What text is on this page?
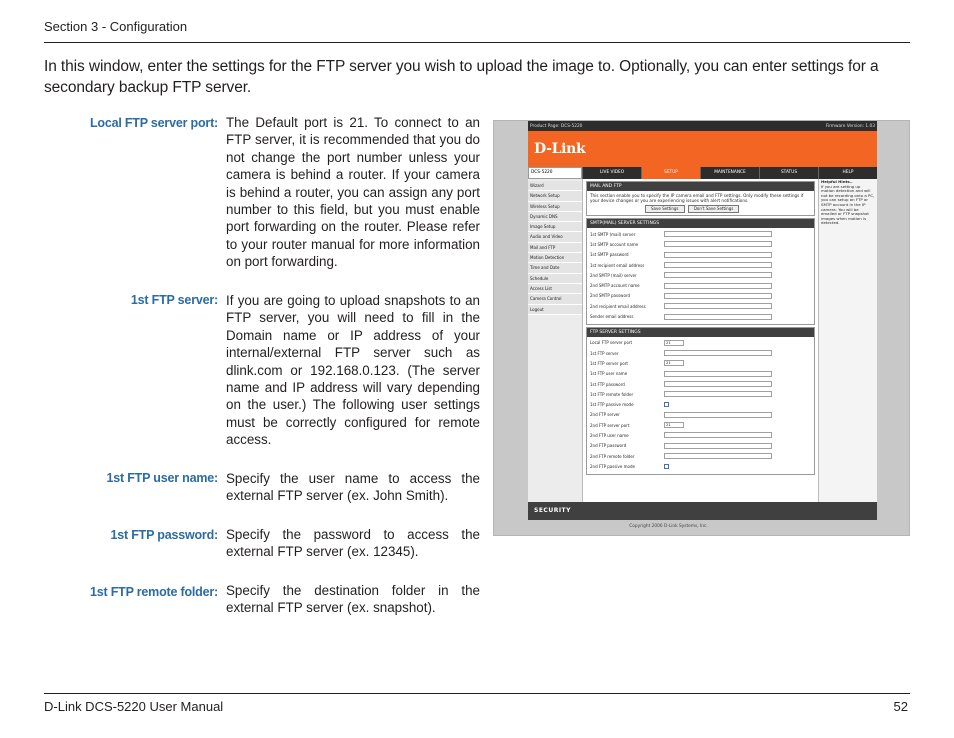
Section 3 - Configuration

In this window, enter the settings for the FTP server you wish to upload the image to. Optionally, you can enter settings for a secondary backup FTP server.

Local FTP server port: The Default port is 21. To connect to an FTP server, it is recommended that you do not change the port number unless your camera is behind a router. If your camera is behind a router, you can assign any port number to this field, but you must enable port forwarding on the router. Please refer to your router manual for more information on port forwarding.

1st FTP server: If you are going to upload snapshots to an FTP server, you will need to fill in the Domain name or IP address of your internal/external FTP server such as dlink.com or 192.168.0.123. (The server name and IP address will vary depending on the user.) The following user settings must be correctly configured for remote access.

1st FTP user name: Specify the user name to access the external FTP server (ex. John Smith).

1st FTP password: Specify the password to access the external FTP server (ex. 12345).

1st FTP remote folder: Specify the destination folder in the external FTP server (ex. snapshot).

Product Page: DCS-5220	Firmware Version: 1.03
D-Link
DCS-5220	LIVE VIDEO	SETUP	MAINTENANCE	STATUS	HELP
Wizard
Network Setup
Wireless Setup
Dynamic DNS
Image Setup
Audio and Video
Mail and FTP
Motion Detection
Time and Date
Schedule
Access List
Camera Control
Logout
MAIL AND FTP
This section enable you to specify the IP camera email and FTP settings. Only modify these settings if your device changes or you are experiencing issues with alert notifications.
Save Settings	Don't Save Settings
SMTP(MAIL) SERVER SETTINGS
1st SMTP (mail) server
1st SMTP account name
1st SMTP password
1st recipient email address
2nd SMTP (mail) server
2nd SMTP account name
2nd SMTP password
2nd recipient email address
Sender email address
FTP SERVER SETTINGS
Local FTP server port	21
1st FTP server
1st FTP server port	21
1st FTP user name
1st FTP password
1st FTP remote folder
1st FTP passive mode
2nd FTP server
2nd FTP server port	21
2nd FTP user name
2nd FTP password
2nd FTP remote folder
2nd FTP passive mode
Helpful Hints..
If you are setting up motion detection and will not be recording onto a PC, you can setup an FTP or SMTP account in the IP camera. You will be emailed or FTP snapshot images when motion is detected.
SECURITY
Copyright 2006 D-Link Systems, Inc.
D-Link DCS-5220 User Manual	52
